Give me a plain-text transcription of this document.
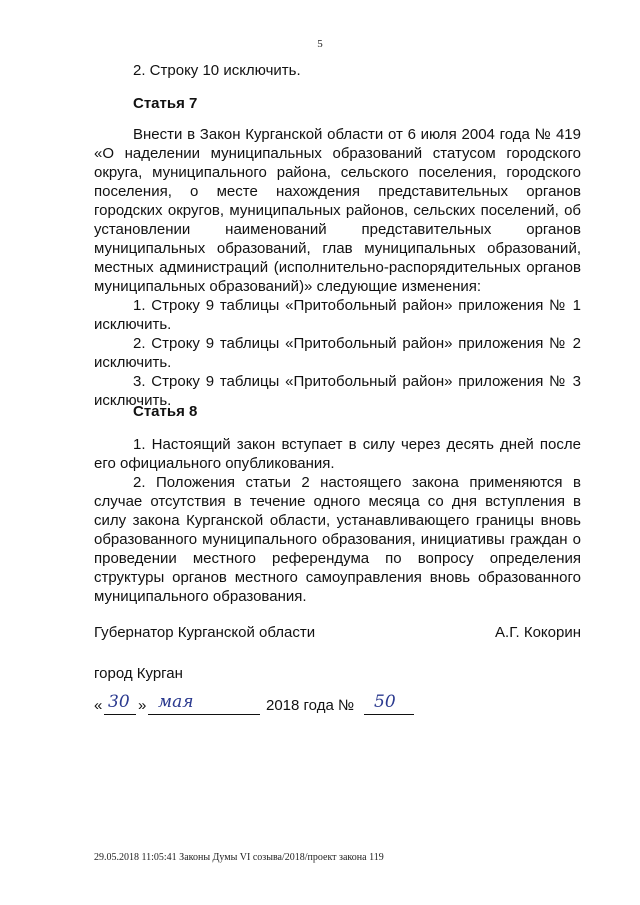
5

2. Строку 10 исключить.

Статья 7

Внести в Закон Курганской области от 6 июля 2004 года № 419 «О наделении муниципальных образований статусом городского округа, муниципального района, сельского поселения, городского поселения, о месте нахождения представительных органов городских округов, муниципальных районов, сельских поселений, об установлении наименований представительных органов муниципальных образований, глав муниципальных образований, местных администраций (исполнительно-распорядительных органов муниципальных образований)» следующие изменения:

1. Строку 9 таблицы «Притобольный район» приложения № 1 исключить.

2. Строку 9 таблицы «Притобольный район» приложения № 2 исключить.

3. Строку 9 таблицы «Притобольный район» приложения № 3 исключить.

Статья 8

1. Настоящий закон вступает в силу через десять дней после его официального опубликования.

2. Положения статьи 2 настоящего закона применяются в случае отсутствия в течение одного месяца со дня вступления в силу закона Курганской области, устанавливающего границы вновь образованного муниципального образования, инициативы граждан о проведении местного референдума по вопросу определения структуры органов местного самоуправления вновь образованного муниципального образования.

Губернатор Курганской области	А.Г. Кокорин
город Курган
« 30 » мая	2018 года № 50
29.05.2018 11:05:41 Законы Думы VI созыва/2018/проект закона 119
